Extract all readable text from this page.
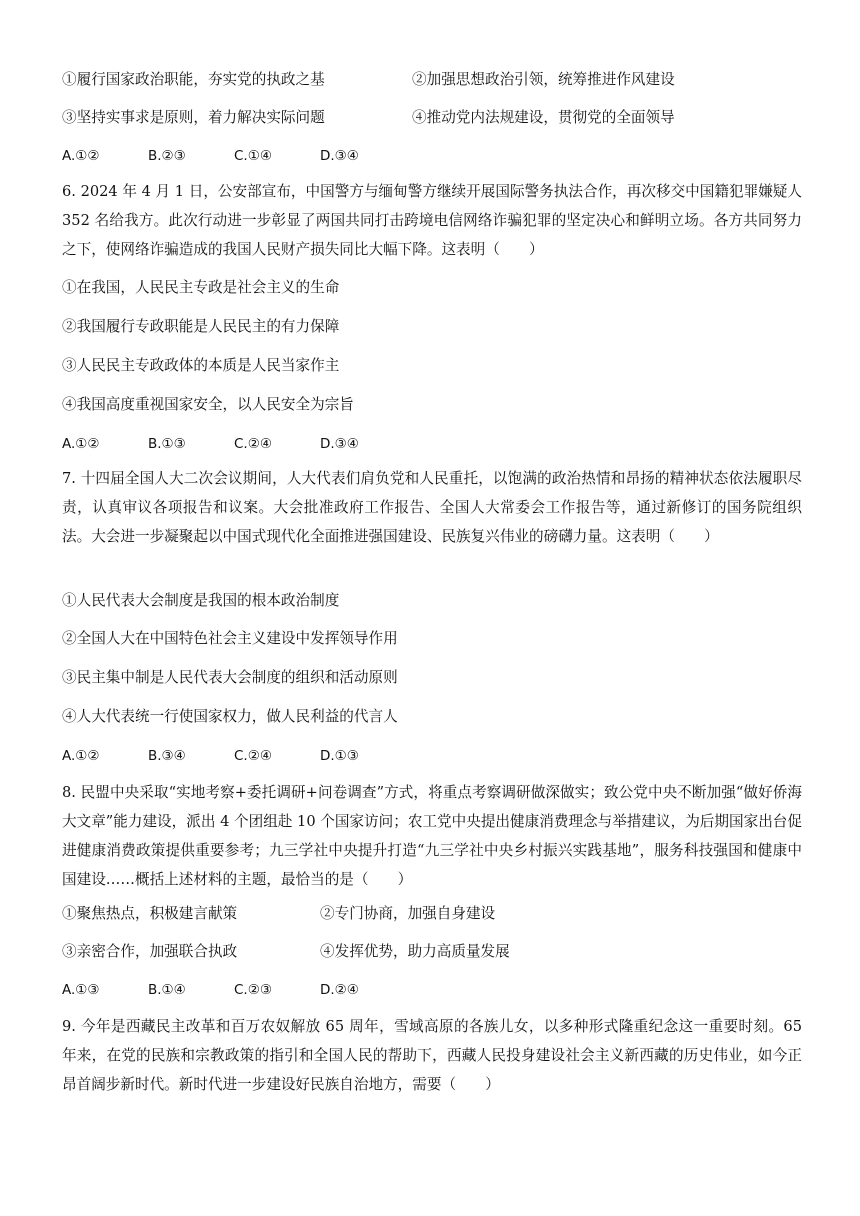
①履行国家政治职能，夯实党的执政之基	②加强思想政治引领，统筹推进作风建设
③坚持实事求是原则，着力解决实际问题	④推动党内法规建设，贯彻党的全面领导
A.①②	B.②③	C.①④	D.③④
6. 2024 年 4 月 1 日，公安部宣布，中国警方与缅甸警方继续开展国际警务执法合作，再次移交中国籍犯罪嫌疑人 352 名给我方。此次行动进一步彰显了两国共同打击跨境电信网络诈骗犯罪的坚定决心和鲜明立场。各方共同努力之下，使网络诈骗造成的我国人民财产损失同比大幅下降。这表明（　　）
①在我国，人民民主专政是社会主义的生命
②我国履行专政职能是人民民主的有力保障
③人民民主专政政体的本质是人民当家作主
④我国高度重视国家安全，以人民安全为宗旨
A.①②	B.①③	C.②④	D.③④
7. 十四届全国人大二次会议期间，人大代表们肩负党和人民重托，以饱满的政治热情和昂扬的精神状态依法履职尽责，认真审议各项报告和议案。大会批准政府工作报告、全国人大常委会工作报告等，通过新修订的国务院组织法。大会进一步凝聚起以中国式现代化全面推进强国建设、民族复兴伟业的磅礴力量。这表明（　　）
①人民代表大会制度是我国的根本政治制度
②全国人大在中国特色社会主义建设中发挥领导作用
③民主集中制是人民代表大会制度的组织和活动原则
④人大代表统一行使国家权力，做人民利益的代言人
A.①②	B.③④	C.②④	D.①③
8. 民盟中央采取“实地考察+委托调研+问卷调查”方式，将重点考察调研做深做实；致公党中央不断加强“做好侨海大文章”能力建设，派出 4 个团组赴 10 个国家访问；农工党中央提出健康消费理念与举措建议，为后期国家出台促进健康消费政策提供重要参考；九三学社中央提升打造“九三学社中央乡村振兴实践基地”，服务科技强国和健康中国建设……概括上述材料的主题，最恰当的是（　　）
①聚焦热点，积极建言献策	②专门协商，加强自身建设
③亲密合作，加强联合执政	④发挥优势，助力高质量发展
A.①③	B.①④	C.②③	D.②④
9. 今年是西藏民主改革和百万农奴解放 65 周年，雪域高原的各族儿女，以多种形式隆重纪念这一重要时刻。65 年来，在党的民族和宗教政策的指引和全国人民的帮助下，西藏人民投身建设社会主义新西藏的历史伟业，如今正昂首阔步新时代。新时代进一步建设好民族自治地方，需要（　　）
